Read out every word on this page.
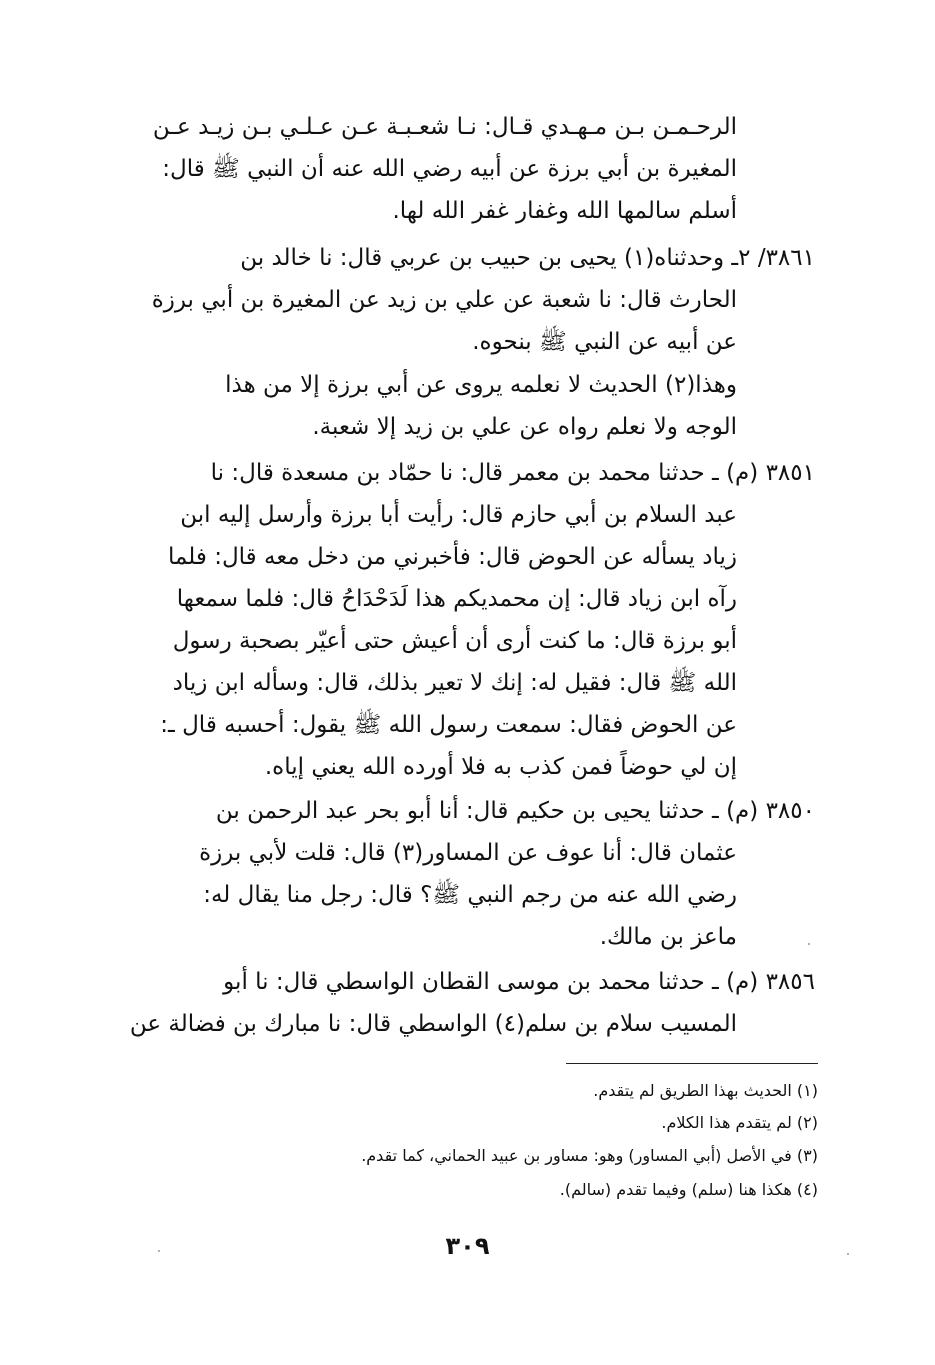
الرحـمـن بـن مـهـدي قـال: نـا شعـبـة عـن عـلـي بـن زيـد عـن
المغيرة بن أبي برزة عن أبيه رضي الله عنه أن النبي ﷺ قال:
أسلم سالمها الله وغفار غفر الله لها.
٣٨٦١/ ٢ـ وحدثناه(١) يحيى بن حبيب بن عربي قال: نا خالد بن
الحارث قال: نا شعبة عن علي بن زيد عن المغيرة بن أبي برزة
عن أبيه عن النبي ﷺ بنحوه.
وهذا(٢) الحديث لا نعلمه يروى عن أبي برزة إلا من هذا
الوجه ولا نعلم رواه عن علي بن زيد إلا شعبة.
٣٨٥١ (م) ـ حدثنا محمد بن معمر قال: نا حمّاد بن مسعدة قال: نا
عبد السلام بن أبي حازم قال: رأيت أبا برزة وأرسل إليه ابن
زياد يسأله عن الحوض قال: فأخبرني من دخل معه قال: فلما
رآه ابن زياد قال: إن محمديكم هذا لَدَحْدَاحُ قال: فلما سمعها
أبو برزة قال: ما كنت أرى أن أعيش حتى أعيّر بصحبة رسول
الله ﷺ قال: فقيل له: إنك لا تعير بذلك، قال: وسأله ابن زياد
عن الحوض فقال: سمعت رسول الله ﷺ يقول: أحسبه قال ـ:
إن لي حوضاً فمن كذب به فلا أورده الله يعني إياه.
٣٨٥٠ (م) ـ حدثنا يحيى بن حكيم قال: أنا أبو بحر عبد الرحمن بن
عثمان قال: أنا عوف عن المساور(٣) قال: قلت لأبي برزة
رضي الله عنه من رجم النبي ﷺ؟ قال: رجل منا يقال له:
ماعز بن مالك.
٣٨٥٦ (م) ـ حدثنا محمد بن موسى القطان الواسطي قال: نا أبو
المسيب سلام بن سلم(٤) الواسطي قال: نا مبارك بن فضالة عن
(١) الحديث بهذا الطريق لم يتقدم.
(٢) لم يتقدم هذا الكلام.
(٣) في الأصل (أبي المساور) وهو: مساور بن عبيد الحماني، كما تقدم.
(٤) هكذا هنا (سلم) وفيما تقدم (سالم).
٣٠٩
